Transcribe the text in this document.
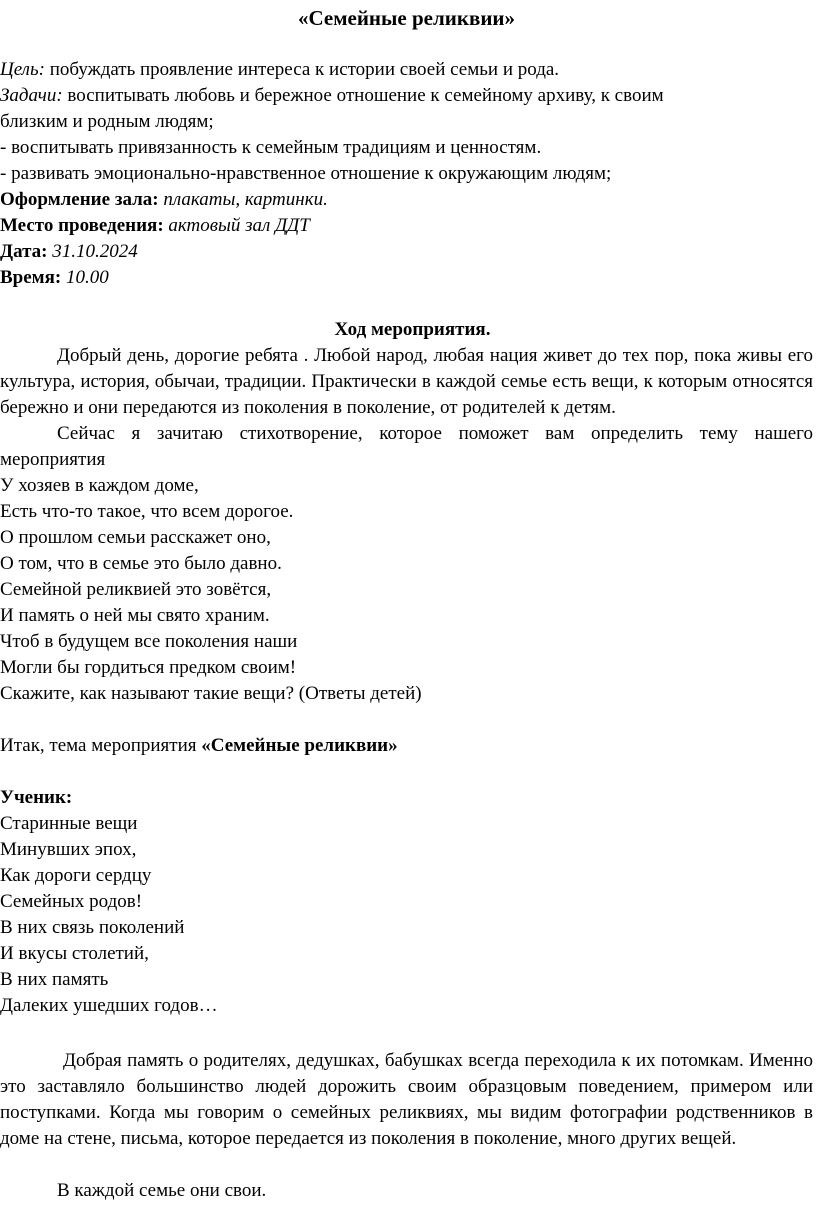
«Семейные реликвии»
Цель: побуждать проявление интереса к истории своей семьи и рода.
Задачи: воспитывать любовь и бережное отношение к семейному архиву, к своим
близким и родным людям;
- воспитывать привязанность к семейным традициям и ценностям.
- развивать эмоционально-нравственное отношение к окружающим людям;
Оформление зала: плакаты, картинки.
Место проведения: актовый зал ДДТ
Дата: 31.10.2024
Время: 10.00
Ход мероприятия.

Добрый день, дорогие ребята . Любой народ, любая нация живет до тех пор, пока живы его культура, история, обычаи, традиции. Практически в каждой семье есть вещи, к которым относятся бережно и они передаются из поколения в поколение, от родителей к детям.

Сейчас я зачитаю стихотворение, которое поможет вам определить тему нашего мероприятия

У хозяев в каждом доме,
Есть что-то такое, что всем дорогое.
О прошлом семьи расскажет оно,
О том, что в семье это было давно.
Семейной реликвией это зовётся,
И память о ней мы свято храним.
Чтоб в будущем все поколения наши
Могли бы гордиться предком своим!
Скажите, как называют такие вещи? (Ответы детей)
Итак, тема мероприятия «Семейные реликвии»
Ученик:
Старинные вещи
Минувших эпох,
Как дороги сердцу
Семейных родов!
В них связь поколений
И вкусы столетий,
В них память
Далеких ушедших годов…

Добрая память о родителях, дедушках, бабушках всегда переходила к их потомкам. Именно это заставляло большинство людей дорожить своим образцовым поведением, примером или поступками. Когда мы говорим о семейных реликвиях, мы видим фотографии родственников в доме на стене, письма, которое передается из поколения в поколение, много других вещей.

В каждой семье они свои.
